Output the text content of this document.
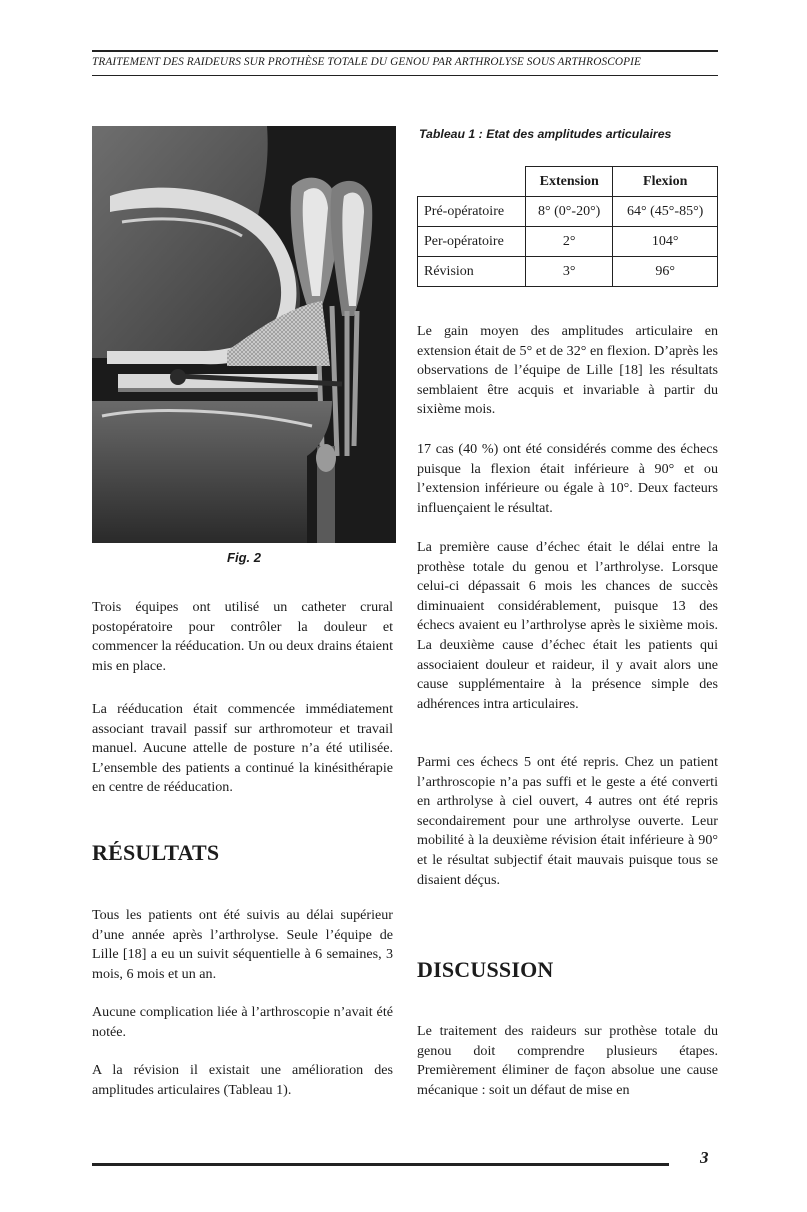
TRAITEMENT DES RAIDEURS SUR PROTHÈSE TOTALE DU GENOU PAR ARTHROLYSE SOUS ARTHROSCOPIE
Fig. 2

Trois équipes ont utilisé un catheter crural postopératoire pour contrôler la douleur et commencer la rééducation. Un ou deux drains étaient mis en place.

La rééducation était commencée immédiatement associant travail passif sur arthromoteur et travail manuel. Aucune attelle de posture n’a été utilisée. L’ensemble des patients a continué la kinésithérapie en centre de rééducation.

RÉSULTATS

Tous les patients ont été suivis au délai supérieur d’une année après l’arthrolyse. Seule l’équipe de Lille [18] a eu un suivit séquentielle à 6 semaines, 3 mois, 6 mois et un an.

Aucune complication liée à l’arthroscopie n’avait été notée.

A la révision il existait une amélioration des amplitudes articulaires (Tableau 1).

Tableau 1 : Etat des amplitudes articulaires
	Extension	Flexion
Pré-opératoire	8° (0°-20°)	64° (45°-85°)
Per-opératoire	2°	104°
Révision	3°	96°

Le gain moyen des amplitudes articulaire en extension était de 5° et de 32° en flexion. D’après les observations de l’équipe de Lille [18] les résultats semblaient être acquis et invariable à partir du sixième mois.

17 cas (40 %) ont été considérés comme des échecs puisque la flexion était inférieure à 90° et ou l’extension inférieure ou égale à 10°. Deux facteurs influençaient le résultat.

La première cause d’échec était le délai entre la prothèse totale du genou et l’arthrolyse. Lorsque celui-ci dépassait 6 mois les chances de succès diminuaient considérablement, puisque 13 des échecs avaient eu l’arthrolyse après le sixième mois. La deuxième cause d’échec était les patients qui associaient douleur et raideur, il y avait alors une cause supplémentaire à la présence simple des adhérences intra articulaires.

Parmi ces échecs 5 ont été repris. Chez un patient l’arthroscopie n’a pas suffi et le geste a été converti en arthrolyse à ciel ouvert, 4 autres ont été repris secondairement pour une arthrolyse ouverte. Leur mobilité à la deuxième révision était inférieure à 90° et le résultat subjectif était mauvais puisque tous se disaient déçus.

DISCUSSION

Le traitement des raideurs sur prothèse totale du genou doit comprendre plusieurs étapes. Premièrement éliminer de façon absolue une cause mécanique : soit un défaut de mise en

3
